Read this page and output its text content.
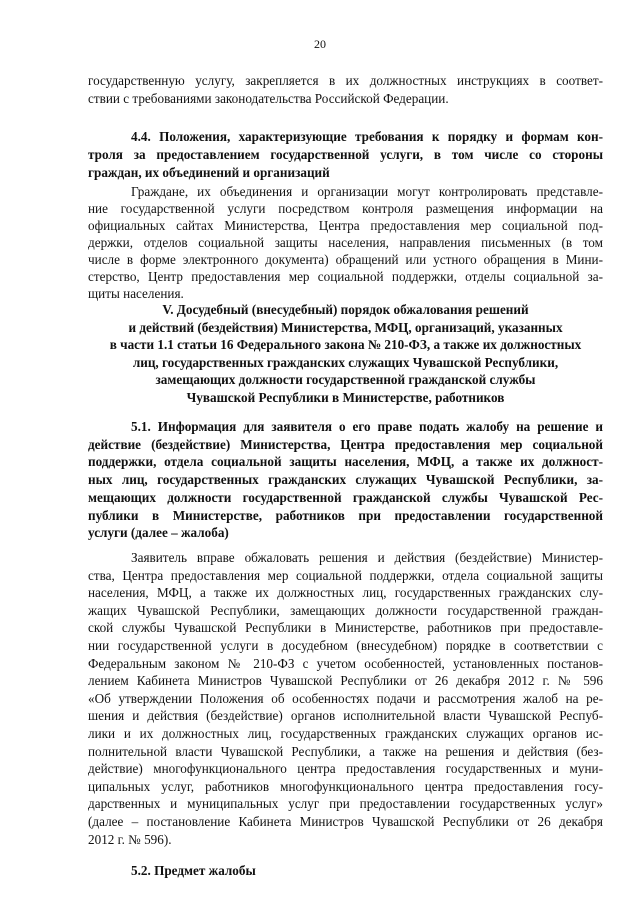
20
государственную услугу, закрепляется в их должностных инструкциях в соответ-
ствии с требованиями законодательства Российской Федерации.
4.4. Положения, характеризующие требования к порядку и формам кон-
троля за предоставлением государственной услуги, в том числе со стороны
граждан, их объединений и организаций
Граждане, их объединения и организации могут контролировать представле-
ние государственной услуги посредством контроля размещения информации на
официальных сайтах Министерства, Центра предоставления мер социальной под-
держки, отделов социальной защиты населения, направления письменных (в том
числе в форме электронного документа) обращений или устного обращения в Мини-
стерство, Центр предоставления мер социальной поддержки, отделы социальной за-
щиты населения.
V. Досудебный (внесудебный) порядок обжалования решений
и действий (бездействия) Министерства, МФЦ, организаций, указанных
в части 1.1 статьи 16 Федерального закона № 210-ФЗ, а также их должностных
лиц, государственных гражданских служащих Чувашской Республики,
замещающих должности государственной гражданской службы
Чувашской Республики в Министерстве, работников
5.1. Информация для заявителя о его праве подать жалобу на решение и
действие (бездействие) Министерства, Центра предоставления мер социальной
поддержки, отдела социальной защиты населения, МФЦ, а также их должност-
ных лиц, государственных гражданских служащих Чувашской Республики, за-
мещающих должности государственной гражданской службы Чувашской Рес-
публики в Министерстве, работников при предоставлении государственной
услуги (далее – жалоба)
Заявитель вправе обжаловать решения и действия (бездействие) Министер-
ства, Центра предоставления мер социальной поддержки, отдела социальной защиты
населения, МФЦ, а также их должностных лиц, государственных гражданских слу-
жащих Чувашской Республики, замещающих должности государственной граждан-
ской службы Чувашской Республики в Министерстве, работников при предоставле-
нии государственной услуги в досудебном (внесудебном) порядке в соответствии с
Федеральным законом № 210-ФЗ с учетом особенностей, установленных постанов-
лением Кабинета Министров Чувашской Республики от 26 декабря 2012 г. № 596
«Об утверждении Положения об особенностях подачи и рассмотрения жалоб на ре-
шения и действия (бездействие) органов исполнительной власти Чувашской Респуб-
лики и их должностных лиц, государственных гражданских служащих органов ис-
полнительной власти Чувашской Республики, а также на решения и действия (без-
действие) многофункционального центра предоставления государственных и муни-
ципальных услуг, работников многофункционального центра предоставления госу-
дарственных и муниципальных услуг при предоставлении государственных услуг»
(далее – постановление Кабинета Министров Чувашской Республики от 26 декабря
2012 г. № 596).
5.2. Предмет жалобы
